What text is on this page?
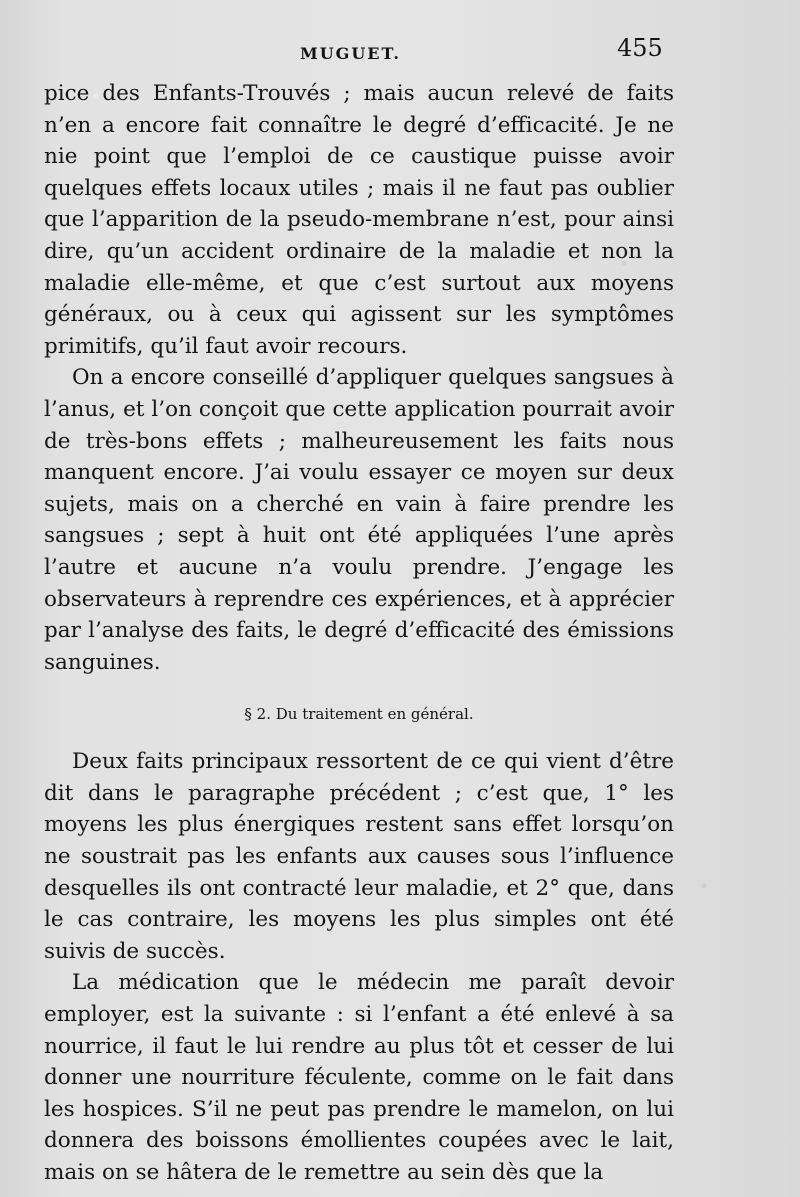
MUGUET.	455

pice des Enfants-Trouvés ; mais aucun relevé de faits n’en a encore fait connaître le degré d’efficacité. Je ne nie point que l’emploi de ce caustique puisse avoir quelques effets locaux utiles ; mais il ne faut pas oublier que l’apparition de la pseudo-membrane n’est, pour ainsi dire, qu’un accident ordinaire de la maladie et non la maladie elle-même, et que c’est surtout aux moyens généraux, ou à ceux qui agissent sur les symptômes primitifs, qu’il faut avoir recours.

On a encore conseillé d’appliquer quelques sangsues à l’anus, et l’on conçoit que cette application pourrait avoir de très-bons effets ; malheureusement les faits nous manquent encore. J’ai voulu essayer ce moyen sur deux sujets, mais on a cherché en vain à faire prendre les sangsues ; sept à huit ont été appliquées l’une après l’autre et aucune n’a voulu prendre. J’engage les observateurs à reprendre ces expériences, et à apprécier par l’analyse des faits, le degré d’efficacité des émissions sanguines.

§ 2. Du traitement en général.

Deux faits principaux ressortent de ce qui vient d’être dit dans le paragraphe précédent ; c’est que, 1° les moyens les plus énergiques restent sans effet lorsqu’on ne soustrait pas les enfants aux causes sous l’influence desquelles ils ont contracté leur maladie, et 2° que, dans le cas contraire, les moyens les plus simples ont été suivis de succès.

La médication que le médecin me paraît devoir employer, est la suivante : si l’enfant a été enlevé à sa nourrice, il faut le lui rendre au plus tôt et cesser de lui donner une nourriture féculente, comme on le fait dans les hospices. S’il ne peut pas prendre le mamelon, on lui donnera des boissons émollientes coupées avec le lait, mais on se hâtera de le remettre au sein dès que la
